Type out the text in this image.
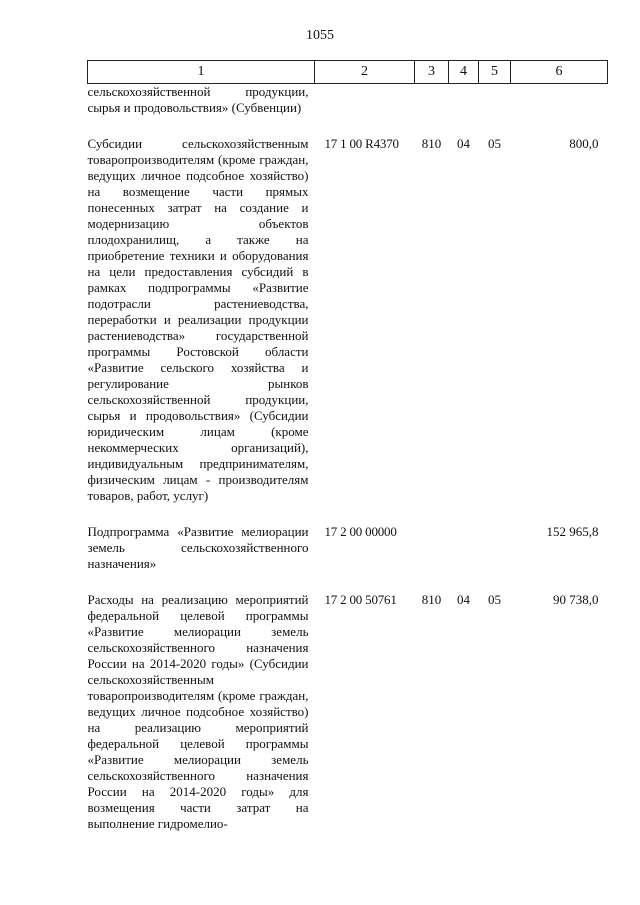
1055
1	2	3	4	5	6

сельскохозяйственной продукции, сырья и продовольствия» (Субвенции)					

Субсидии сельскохозяйственным товаропроизводителям (кроме граждан, ведущих личное подсобное хозяйство) на возмещение части прямых понесенных затрат на создание и модернизацию объектов плодохранилищ, а также на приобретение техники и оборудования на цели предоставления субсидий в рамках подпрограммы «Развитие подотрасли растениеводства, переработки и реализации продукции растениеводства» государственной программы Ростовской области «Развитие сельского хозяйства и регулирование рынков сельскохозяйственной продукции, сырья и продовольствия» (Субсидии юридическим лицам (кроме некоммерческих организаций), индивидуальным предпринимателям, физическим лицам - производителям товаров, работ, услуг)	17 1 00 R4370	810	04	05	800,0

Подпрограмма «Развитие мелиорации земель сельскохозяйственного назначения»	17 2 00 00000				152 965,8

Расходы на реализацию мероприятий федеральной целевой программы «Развитие мелиорации земель сельскохозяйственного назначения России на 2014-2020 годы» (Субсидии сельскохозяйственным товаропроизводителям (кроме граждан, ведущих личное подсобное хозяйство) на реализацию мероприятий федеральной целевой программы «Развитие мелиорации земель сельскохозяйственного назначения России на 2014-2020 годы» для возмещения части затрат на выполнение гидромелио-	17 2 00 50761	810	04	05	90 738,0
